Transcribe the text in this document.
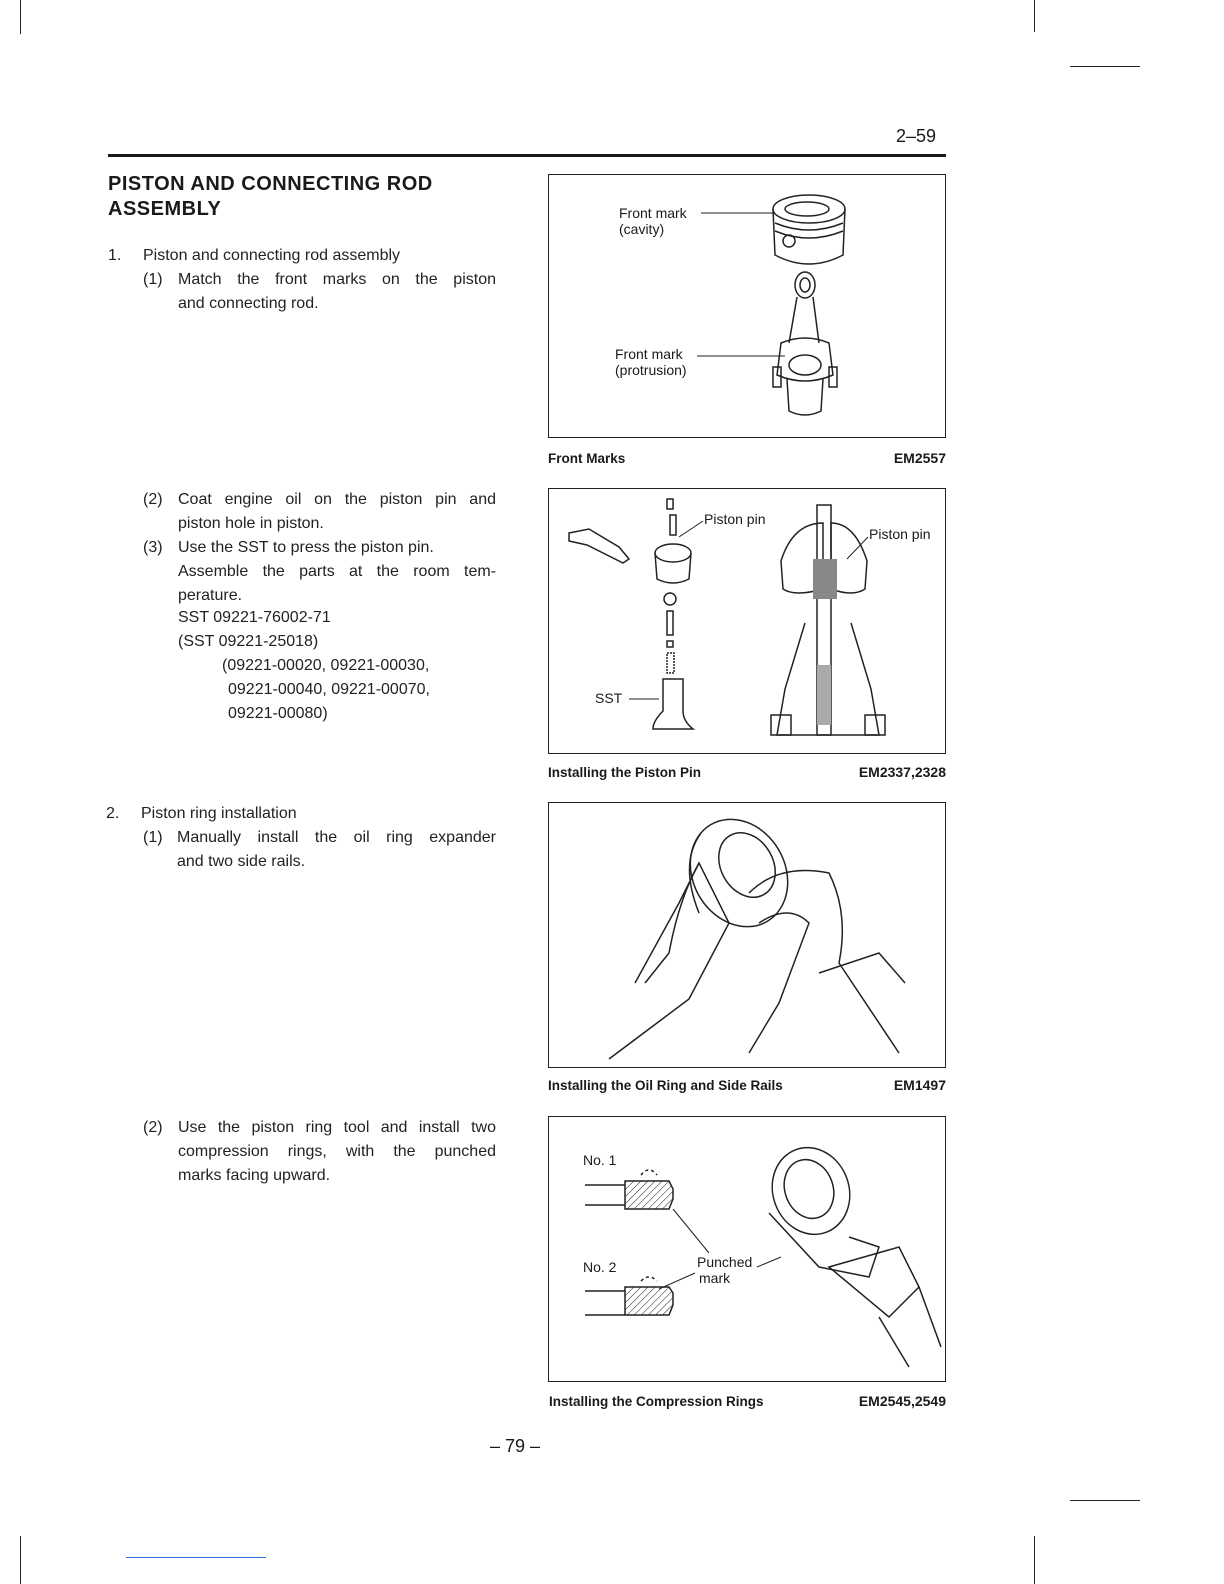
2–59
PISTON AND CONNECTING ROD ASSEMBLY
1. Piston and connecting rod assembly
(1) Match the front marks on the piston
and connecting rod.
(2) Coat engine oil on the piston pin and
piston hole in piston.
(3) Use the SST to press the piston pin.
Assemble the parts at the room tem-
perature.
SST 09221-76002-71
(SST 09221-25018)
(09221-00020, 09221-00030,
09221-00040, 09221-00070,
09221-00080)
2. Piston ring installation
(1) Manually install the oil ring expander
and two side rails.
(2) Use the piston ring tool and install two
compression rings, with the punched
marks facing upward.
Front mark
(cavity)
Front mark
(protrusion)
Front Marks	EM2557
Piston pin
Piston pin
SST
Installing the Piston Pin	EM2337,2328
Installing the Oil Ring and Side Rails	EM1497
No. 1
No. 2	Punched
mark
Installing the Compression Rings	EM2545,2549
– 79 –
